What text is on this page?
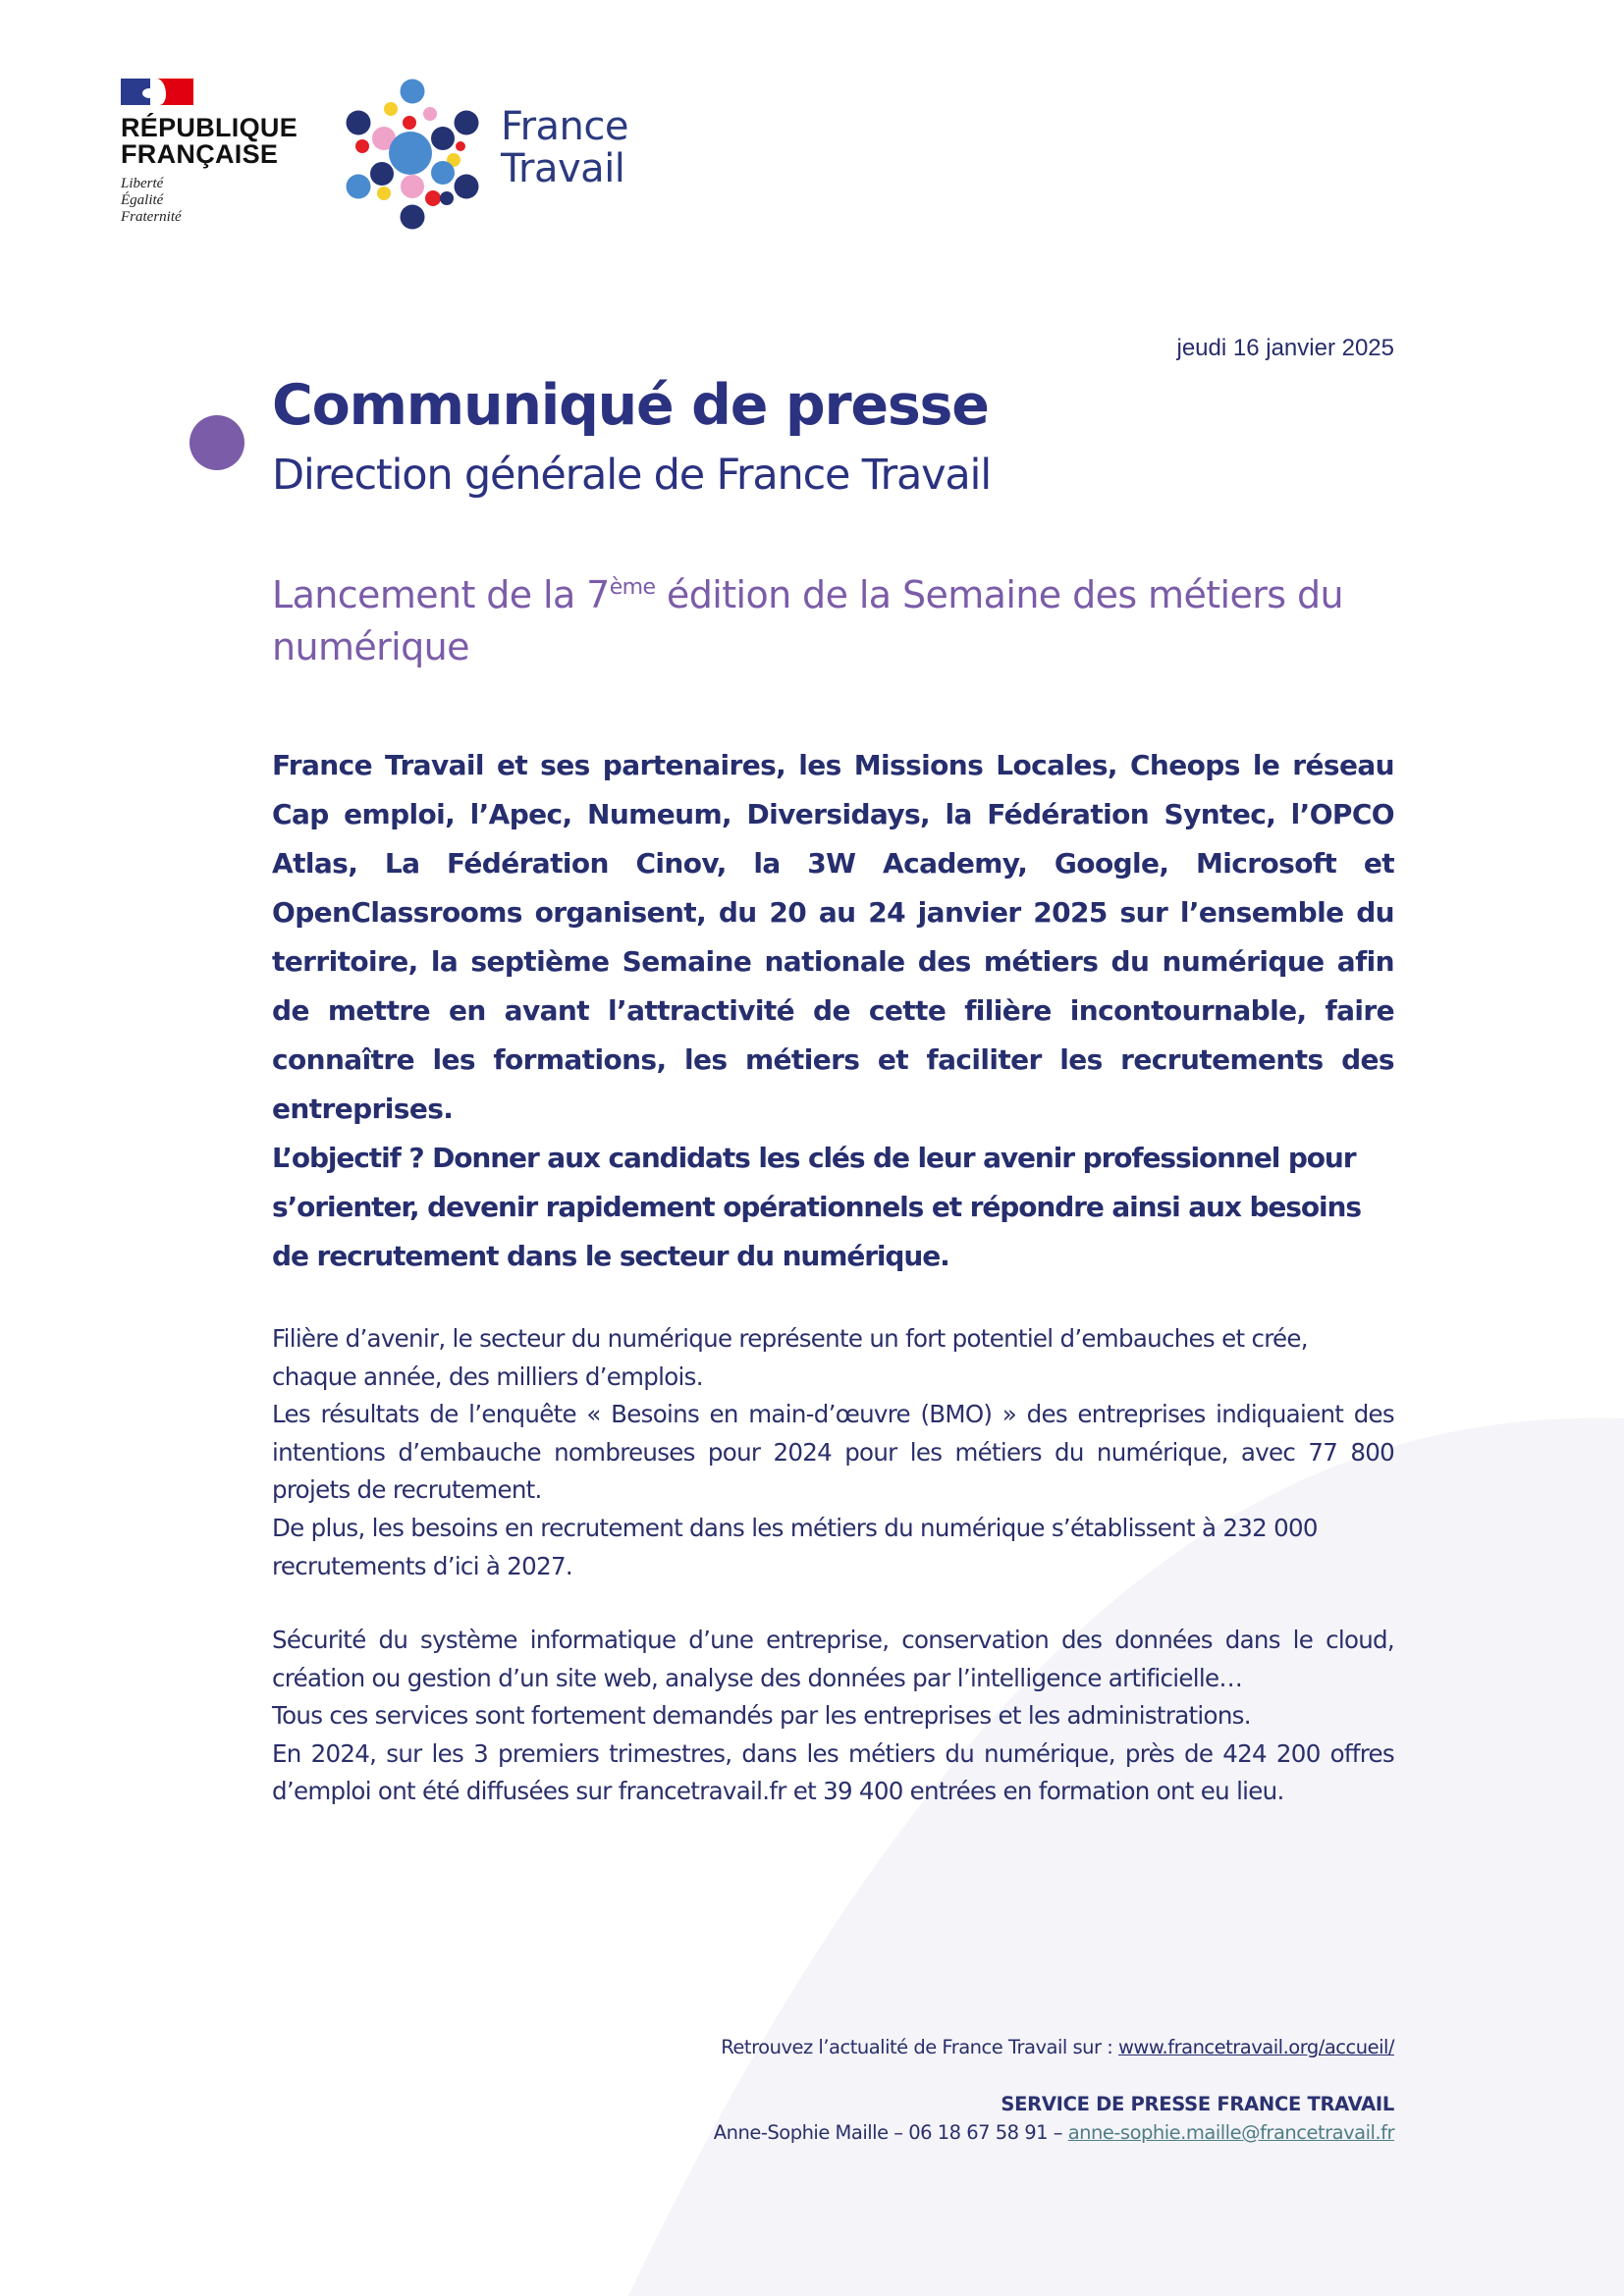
RÉPUBLIQUE
FRANÇAISE
Liberté
Égalité
Fraternité
France
Travail
jeudi 16 janvier 2025
Communiqué de presse
Direction générale de France Travail
Lancement de la 7ème édition de la Semaine des métiers du numérique

France Travail et ses partenaires, les Missions Locales, Cheops le réseau Cap emploi, l’Apec, Numeum, Diversidays, la Fédération Syntec, l’OPCO Atlas, La Fédération Cinov, la 3W Academy, Google, Microsoft et OpenClassrooms organisent, du 20 au 24 janvier 2025 sur l’ensemble du territoire, la septième Semaine nationale des métiers du numérique afin de mettre en avant l’attractivité de cette filière incontournable, faire connaître les formations, les métiers et faciliter les recrutements des entreprises.

L’objectif ? Donner aux candidats les clés de leur avenir professionnel pour s’orienter, devenir rapidement opérationnels et répondre ainsi aux besoins de recrutement dans le secteur du numérique.

Filière d’avenir, le secteur du numérique représente un fort potentiel d’embauches et crée, chaque année, des milliers d’emplois.

Les résultats de l’enquête « Besoins en main-d’œuvre (BMO) » des entreprises indiquaient des intentions d’embauche nombreuses pour 2024 pour les métiers du numérique, avec 77 800 projets de recrutement.

De plus, les besoins en recrutement dans les métiers du numérique s’établissent à 232 000 recrutements d’ici à 2027.

Sécurité du système informatique d’une entreprise, conservation des données dans le cloud, création ou gestion d’un site web, analyse des données par l’intelligence artificielle…

Tous ces services sont fortement demandés par les entreprises et les administrations.

En 2024, sur les 3 premiers trimestres, dans les métiers du numérique, près de 424 200 offres d’emploi ont été diffusées sur francetravail.fr et 39 400 entrées en formation ont eu lieu.

Retrouvez l’actualité de France Travail sur : www.francetravail.org/accueil/
SERVICE DE PRESSE FRANCE TRAVAIL
Anne-Sophie Maille – 06 18 67 58 91 – anne-sophie.maille@francetravail.fr
